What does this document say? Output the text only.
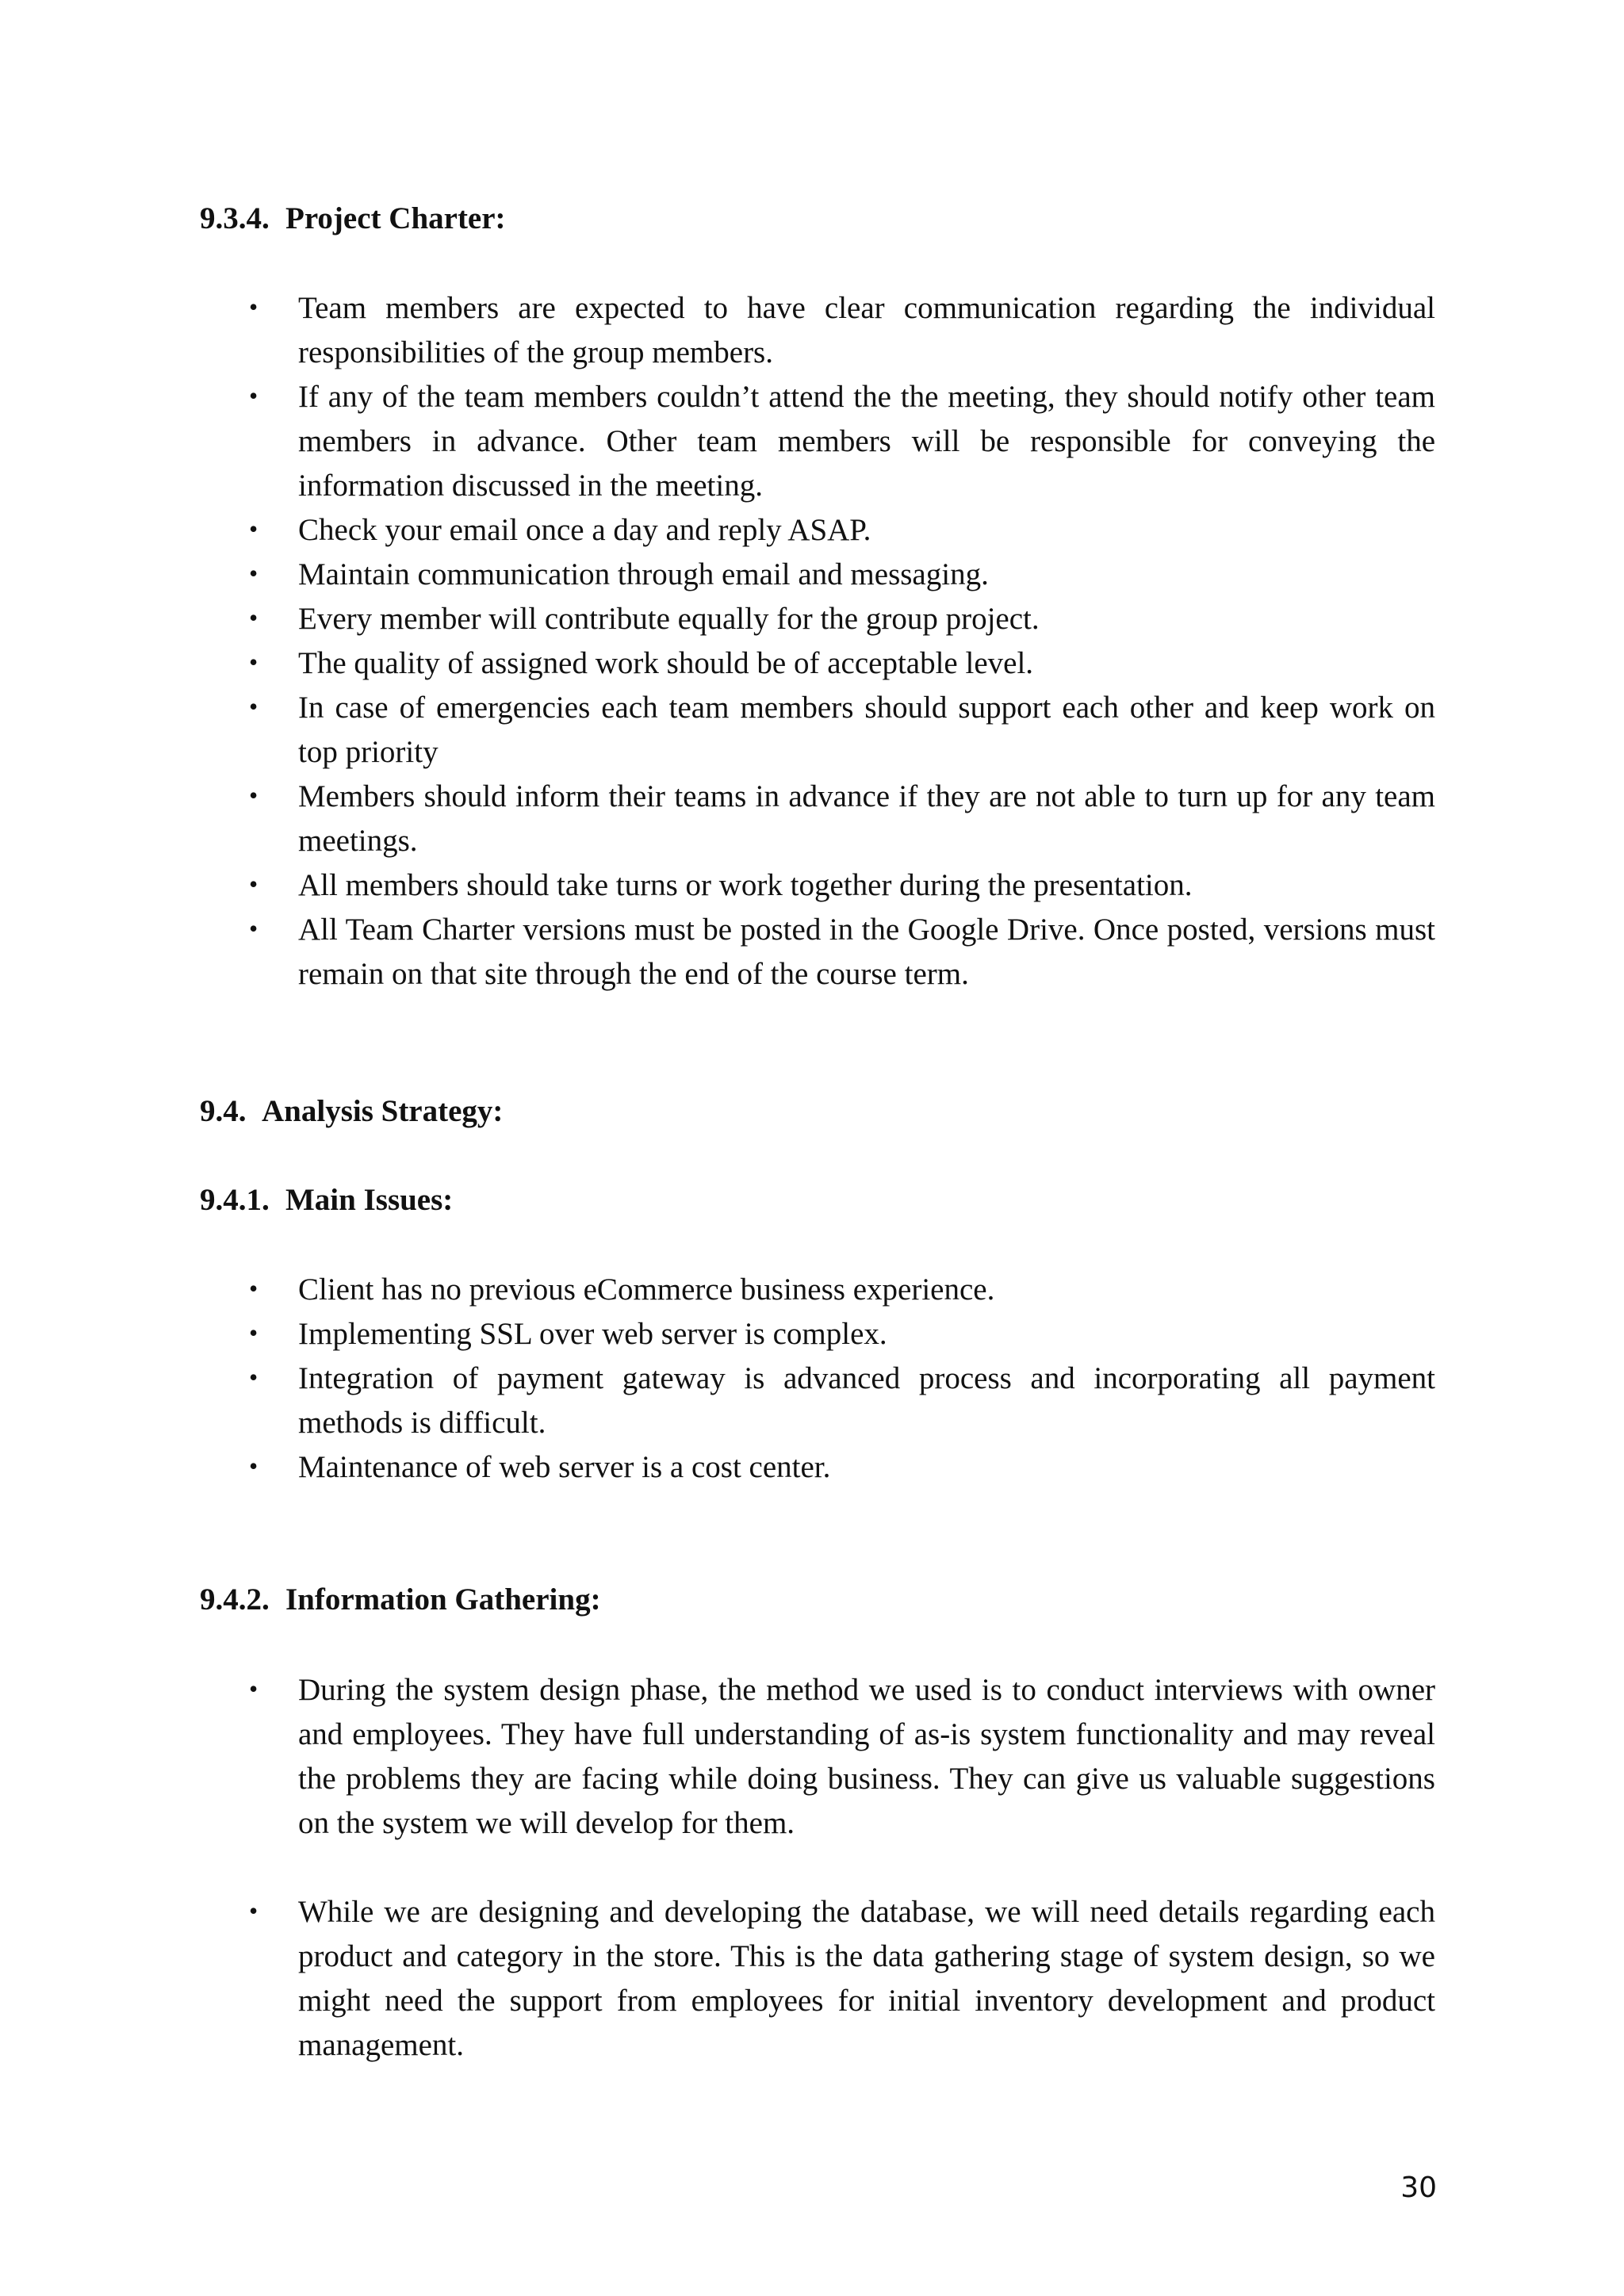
9.3.4. Project Charter:
• Team members are expected to have clear communication regarding the individual responsibilities of the group members.
• If any of the team members couldn’t attend the the meeting, they should notify other team members in advance. Other team members will be responsible for conveying the information discussed in the meeting.
• Check your email once a day and reply ASAP.
• Maintain communication through email and messaging.
• Every member will contribute equally for the group project.
• The quality of assigned work should be of acceptable level.
• In case of emergencies each team members should support each other and keep work on top priority
• Members should inform their teams in advance if they are not able to turn up for any team meetings.
• All members should take turns or work together during the presentation.
• All Team Charter versions must be posted in the Google Drive. Once posted, versions must remain on that site through the end of the course term.
9.4. Analysis Strategy:
9.4.1. Main Issues:
• Client has no previous eCommerce business experience.
• Implementing SSL over web server is complex.
• Integration of payment gateway is advanced process and incorporating all payment methods is difficult.
• Maintenance of web server is a cost center.
9.4.2. Information Gathering:
• During the system design phase, the method we used is to conduct interviews with owner and employees. They have full understanding of as-is system functionality and may reveal the problems they are facing while doing business. They can give us valuable suggestions on the system we will develop for them.
• While we are designing and developing the database, we will need details regarding each product and category in the store. This is the data gathering stage of system design, so we might need the support from employees for initial inventory development and product management.
30
